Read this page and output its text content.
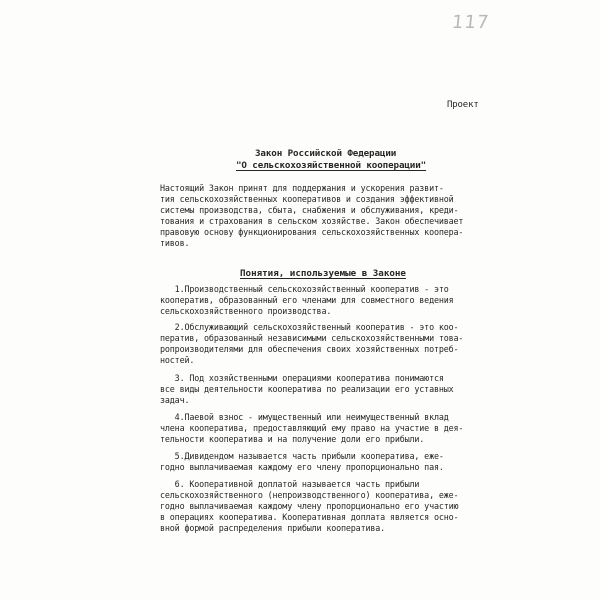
117
Проект
Закон Российской Федерации
"О сельскохозяйственной кооперации"
Настоящий Закон принят для поддержания и ускорения развит-
тия сельскохозяйственных кооперативов и создания эффективной
системы производства, сбыта, снабжения и обслуживания, креди-
тования и страхования в сельском хозяйстве. Закон обеспечивает
правовую основу функционирования сельскохозяйственных коопера-
тивов.
Понятия, используемые в Законе
1.Производственный сельскохозяйственный кооператив - это
кооператив, образованный его членами для совместного ведения
сельскохозяйственного производства.
2.Обслуживающий сельскохозяйственный кооператив - это коо-
ператив, образованный независимыми сельскохозяйственными това-
ропроизводителями для обеспечения своих хозяйственных потреб-
ностей.
3. Под хозяйственными операциями кооператива понимаются
все виды деятельности кооператива по реализации его уставных
задач.
4.Паевой взнос - имущественный или неимущественный вклад
члена кооператива, предоставляющий ему право на участие в дея-
тельности кооператива и на получение доли его прибыли.
5.Дивидендом называется часть прибыли кооператива, ежe-
годно выплачиваемая каждому его члену пропорционально пая.
6. Кооперативной доплатой называется часть прибыли
сельскохозяйственного (непроизводственного) кооператива, ежe-
годно выплачиваемая каждому члену пропорционально его участию
в операциях кооператива. Кооперативная доплата является осно-
вной формой распределения прибыли кооператива.
